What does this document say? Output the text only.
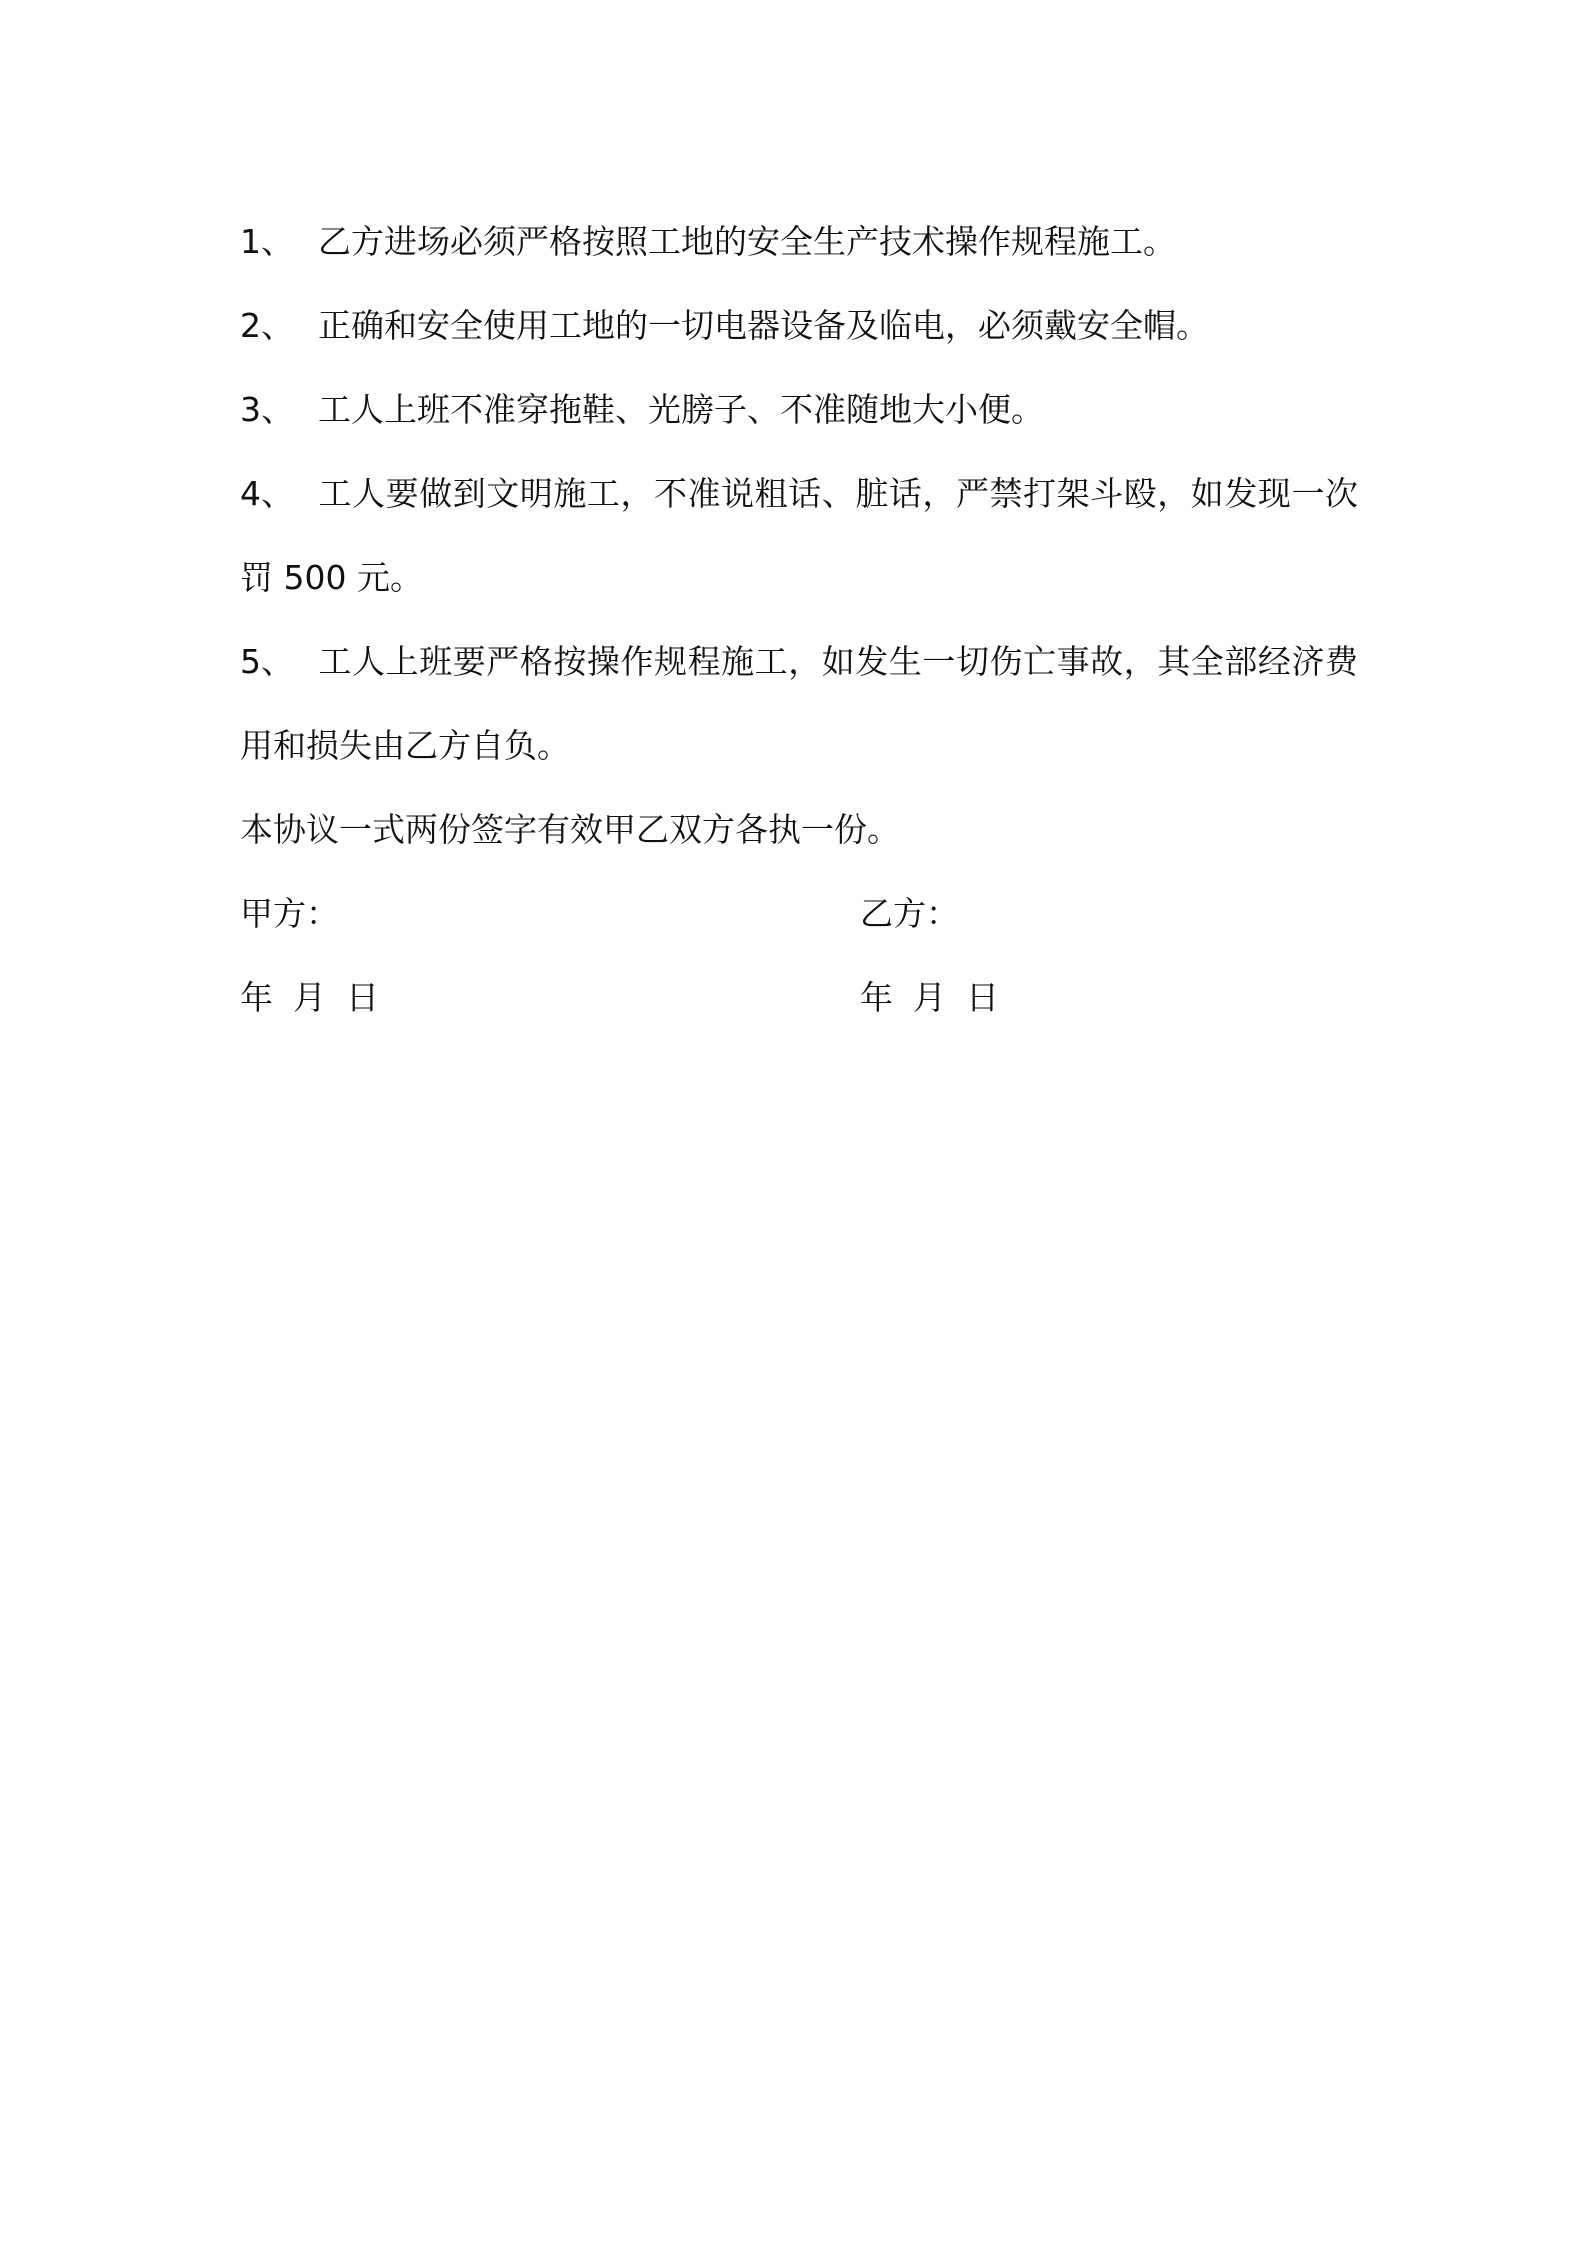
1、 乙方进场必须严格按照工地的安全生产技术操作规程施工。
2、 正确和安全使用工地的一切电器设备及临电，必须戴安全帽。
3、 工人上班不准穿拖鞋、光膀子、不准随地大小便。
4、 工人要做到文明施工，不准说粗话、脏话，严禁打架斗殴，如发现一次罚 500 元。
5、 工人上班要严格按操作规程施工，如发生一切伤亡事故，其全部经济费用和损失由乙方自负。

本协议一式两份签字有效甲乙双方各执一份。

甲方：	乙方：
年 月 日	年 月 日
